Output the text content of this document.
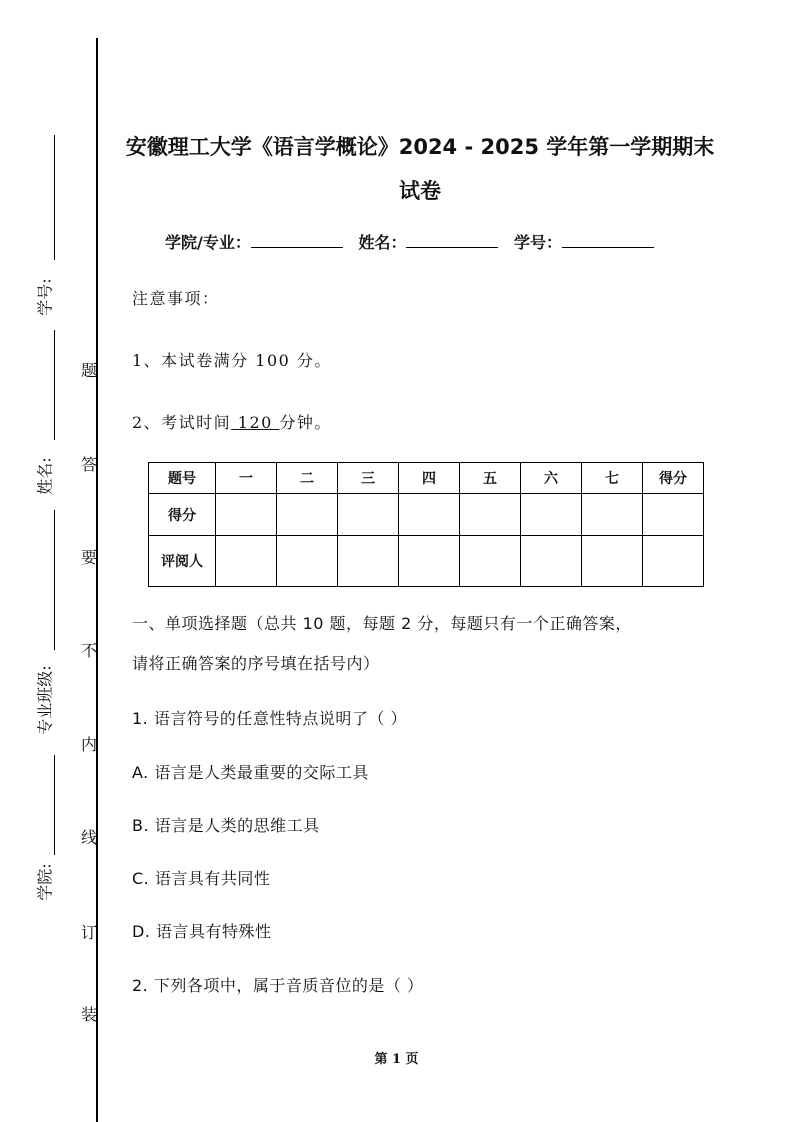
学号:
姓名:
专业班级:
学院:
题
答
要
不
内
线
订
装
安徽理工大学《语言学概论》2024 - 2025 学年第一学期期末试卷
学院/专业：	姓名：	学号：
注意事项：
1、本试卷满分 100 分。
2、考试时间 120 分钟。
题号	一	二	三	四	五	六	七	得分
得分								
评阅人								
一、单项选择题（总共 10 题，每题 2 分，每题只有一个正确答案，
请将正确答案的序号填在括号内）
1. 语言符号的任意性特点说明了（ ）
A. 语言是人类最重要的交际工具
B. 语言是人类的思维工具
C. 语言具有共同性
D. 语言具有特殊性
2. 下列各项中，属于音质音位的是（ ）
第 1 页
